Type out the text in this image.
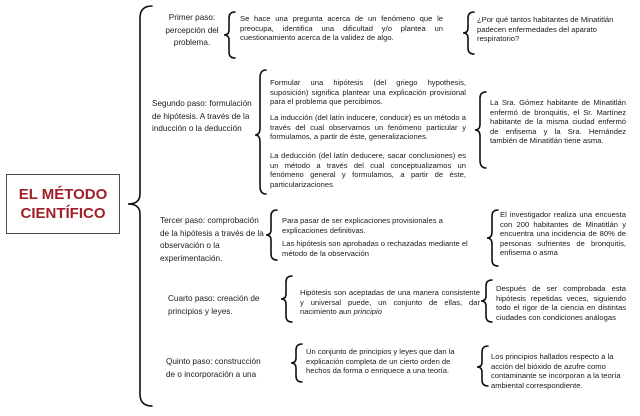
EL MÉTODO
CIENTÍFICO
Primer paso:
percepción del
problema.
Se hace una pregunta acerca de un fenómeno que le preocupa, identifica una dificultad y/o plantea un cuestionamiento acerca de la validez de algo.
¿Por qué tantos habitantes de Minatitlán padecen enfermedades del aparato respiratorio?
Segundo paso: formulación
de hipótesis. A través de la
inducción o la deducción
Formular una hipótesis (del griego hypothesis, suposición) significa plantear una explicación provisional para el problema que percibimos.
La inducción (del latín inducere, conducir) es un método a través del cual observamos un fenómeno particular y formulamos, a partir de éste, generalizaciones.
La deducción (del latín deducere, sacar conclusiones) es un método a través del cual conceptualizamos un fenómeno general y formulamos, a partir de éste, particularizaciones
La Sra. Gómez habitante de Minatitlán enfermó de bronquitis, el Sr. Martínez habitante de la misma ciudad enfermó de enfisema y la Sra. Hernández también de Minatitlán tiene asma.
Tercer paso: comprobación
de la hipótesis a través de la
observación o la
experimentación.
Para pasar de ser explicaciones provisionales a explicaciones definitivas.
Las hipótesis son aprobadas o rechazadas mediante el método de la observación
El investigador realiza una encuesta con 200 habitantes de Minatitlán y encuentra una incidencia de 80% de personas sufrientes de bronquitis, enfisema o asma
Cuarto paso: creación de
principios y leyes.
Hipótesis son aceptadas de una manera consistente y universal puede, un conjunto de ellas, dar nacimiento aun principio
Después de ser comprobada esta hipótesis repetidas veces, siguiendo todo el rigor de la ciencia en distintas ciudades con condiciones análogas
Quinto paso: construcción
de o incorporación a una
Un conjunto de principios y leyes que dan la explicación completa de un cierto orden de hechos da forma o enriquece a una teoría.
Los principios hallados respecto a la acción del bióxido de azufre como contaminante se incorporan a la teoría ambiental correspondiente.
